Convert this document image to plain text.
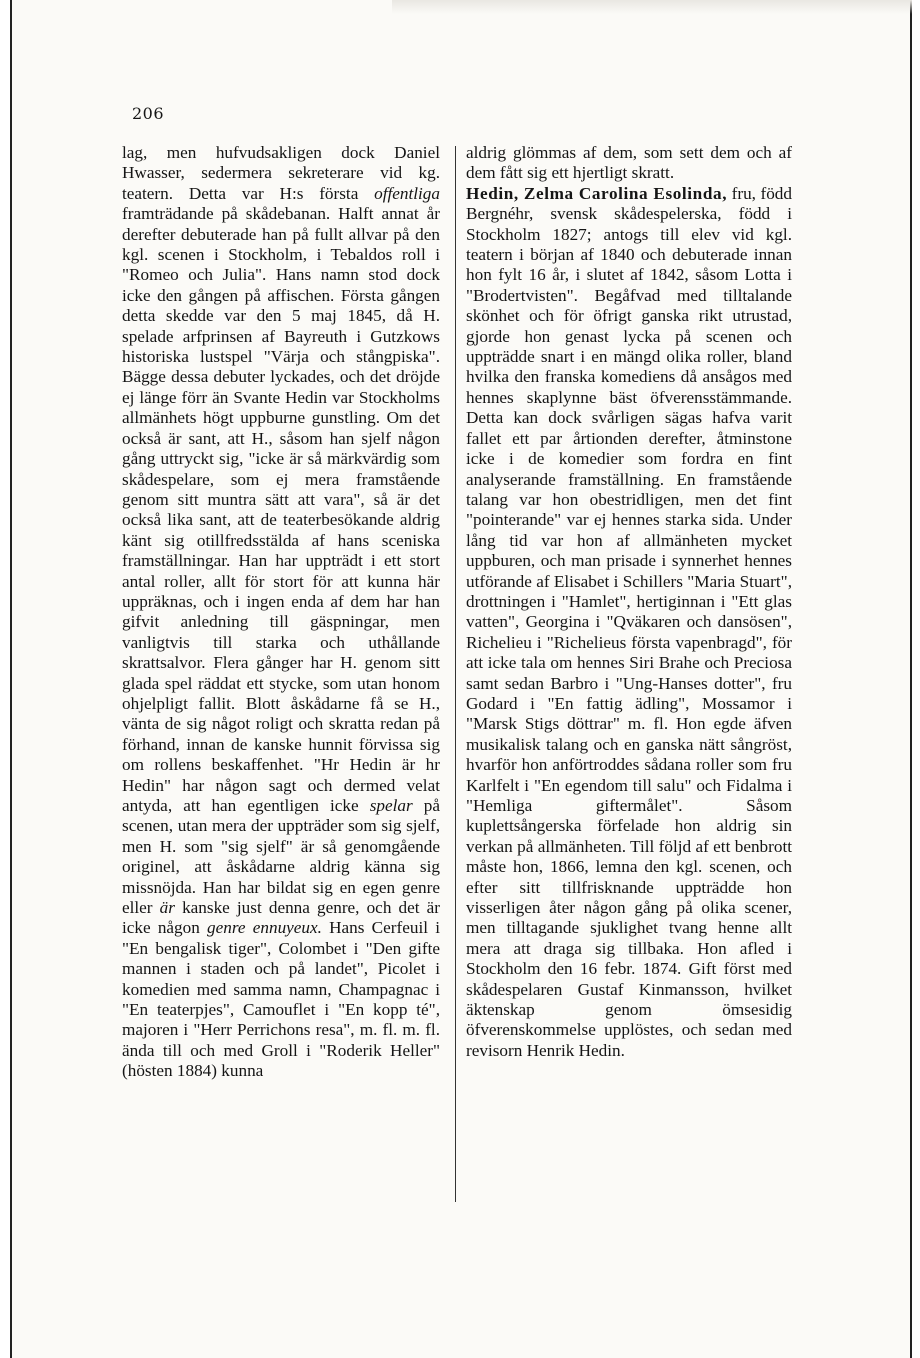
206

lag, men hufvudsakligen dock Daniel Hwasser, sedermera sekreterare vid kg. teatern. Detta var H:s första offentliga framträdande på skådebanan. Halft annat år derefter debuterade han på fullt allvar på den kgl. scenen i Stockholm, i Tebaldos roll i "Romeo och Julia". Hans namn stod dock icke den gången på affischen. Första gången detta skedde var den 5 maj 1845, då H. spelade arfprinsen af Bayreuth i Gutzkows historiska lustspel "Värja och stångpiska". Bägge dessa debuter lyckades, och det dröjde ej länge förr än Svante Hedin var Stockholms allmänhets högt uppburne gunstling. Om det också är sant, att H., såsom han sjelf någon gång uttryckt sig, "icke är så märkvärdig som skådespelare, som ej mera framstående genom sitt muntra sätt att vara", så är det också lika sant, att de teaterbesökande aldrig känt sig otillfredsstälda af hans sceniska framställningar. Han har uppträdt i ett stort antal roller, allt för stort för att kunna här uppräknas, och i ingen enda af dem har han gifvit anledning till gäspningar, men vanligtvis till starka och uthållande skrattsalvor. Flera gånger har H. genom sitt glada spel räddat ett stycke, som utan honom ohjelpligt fallit. Blott åskådarne få se H., vänta de sig något roligt och skratta redan på förhand, innan de kanske hunnit förvissa sig om rollens beskaffenhet. "Hr Hedin är hr Hedin" har någon sagt och dermed velat antyda, att han egentligen icke spelar på scenen, utan mera der uppträder som sig sjelf, men H. som "sig sjelf" är så genomgående originel, att åskådarne aldrig känna sig missnöjda. Han har bildat sig en egen genre eller är kanske just denna genre, och det är icke någon genre ennuyeux. Hans Cerfeuil i "En bengalisk tiger", Colombet i "Den gifte mannen i staden och på landet", Picolet i komedien med samma namn, Champagnac i "En teaterpjes", Camouflet i "En kopp té", majoren i "Herr Perrichons resa", m. fl. m. fl. ända till och med Groll i "Roderik Heller" (hösten 1884) kunna

aldrig glömmas af dem, som sett dem och af dem fått sig ett hjertligt skratt.

Hedin, Zelma Carolina Esolinda, fru, född Bergnéhr, svensk skådespelerska, född i Stockholm 1827; antogs till elev vid kgl. teatern i början af 1840 och debuterade innan hon fylt 16 år, i slutet af 1842, såsom Lotta i "Brodertvisten". Begåfvad med tilltalande skönhet och för öfrigt ganska rikt utrustad, gjorde hon genast lycka på scenen och uppträdde snart i en mängd olika roller, bland hvilka den franska komediens då ansågos med hennes skaplynne bäst öfverensstämmande. Detta kan dock svårligen sägas hafva varit fallet ett par årtionden derefter, åtminstone icke i de komedier som fordra en fint analyserande framställning. En framstående talang var hon obestridligen, men det fint "pointerande" var ej hennes starka sida. Under lång tid var hon af allmänheten mycket uppburen, och man prisade i synnerhet hennes utförande af Elisabet i Schillers "Maria Stuart", drottningen i "Hamlet", hertiginnan i "Ett glas vatten", Georgina i "Qväkaren och dansösen", Richelieu i "Richelieus första vapenbragd", för att icke tala om hennes Siri Brahe och Preciosa samt sedan Barbro i "Ung-Hanses dotter", fru Godard i "En fattig ädling", Mossamor i "Marsk Stigs döttrar" m. fl. Hon egde äfven musikalisk talang och en ganska nätt sångröst, hvarför hon anförtroddes sådana roller som fru Karlfelt i "En egendom till salu" och Fidalma i "Hemliga giftermålet". Såsom kuplettsångerska förfelade hon aldrig sin verkan på allmänheten. Till följd af ett benbrott måste hon, 1866, lemna den kgl. scenen, och efter sitt tillfrisknande uppträdde hon visserligen åter någon gång på olika scener, men tilltagande sjuklighet tvang henne allt mera att draga sig tillbaka. Hon afled i Stockholm den 16 febr. 1874. Gift först med skådespelaren Gustaf Kinmansson, hvilket äktenskap genom ömsesidig öfverenskommelse upplöstes, och sedan med revisorn Henrik Hedin.
